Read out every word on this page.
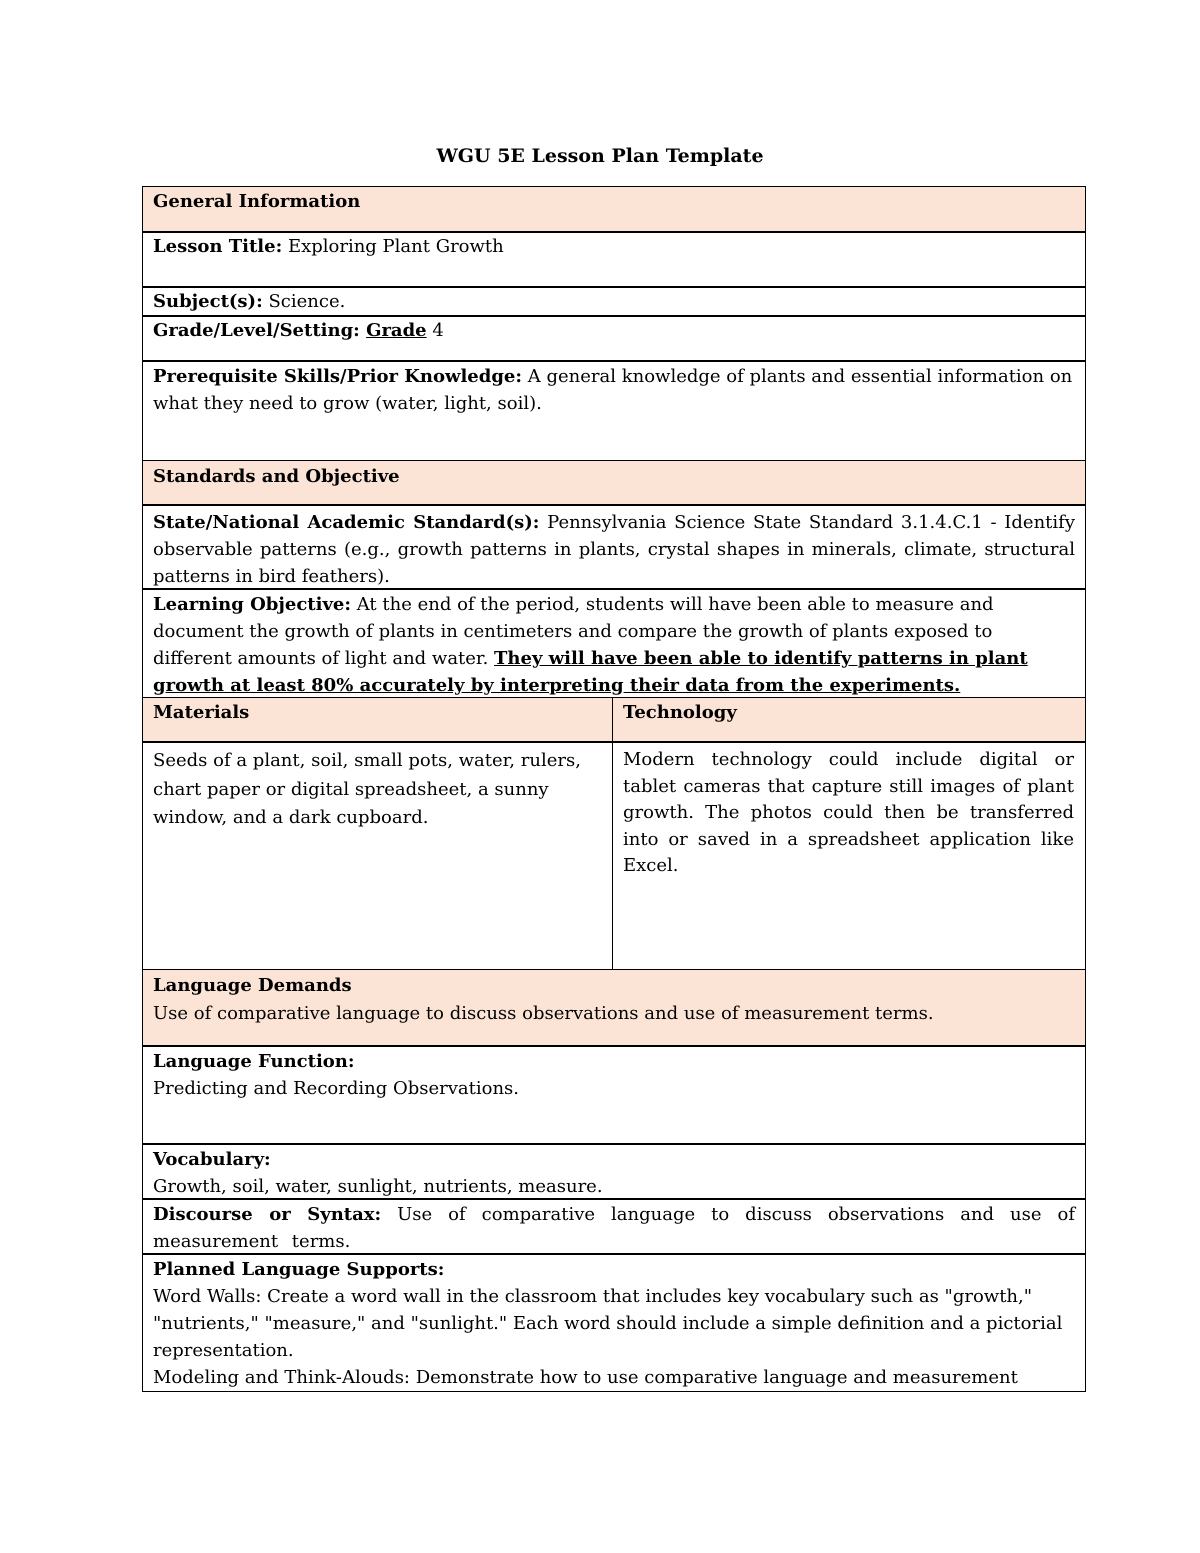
WGU 5E Lesson Plan Template
General Information
Lesson Title: Exploring Plant Growth
Subject(s): Science.
Grade/Level/Setting: Grade 4
Prerequisite Skills/Prior Knowledge: A general knowledge of plants and essential information on what they need to grow (water, light, soil).
Standards and Objective
State/National Academic Standard(s): Pennsylvania Science State Standard 3.1.4.C.1 - Identify observable patterns (e.g., growth patterns in plants, crystal shapes in minerals, climate, structural patterns in bird feathers).
Learning Objective: At the end of the period, students will have been able to measure and document the growth of plants in centimeters and compare the growth of plants exposed to different amounts of light and water. They will have been able to identify patterns in plant growth at least 80% accurately by interpreting their data from the experiments.
Materials	Technology
Seeds of a plant, soil, small pots, water, rulers, chart paper or digital spreadsheet, a sunny window, and a dark cupboard.
Modern technology could include digital or tablet cameras that capture still images of plant growth. The photos could then be transferred into or saved in a spreadsheet application like Excel.
Language Demands
Use of comparative language to discuss observations and use of measurement terms.
Language Function:
Predicting and Recording Observations.
Vocabulary:
Growth, soil, water, sunlight, nutrients, measure.
Discourse or Syntax: Use of comparative language to discuss observations and use of measurement terms.
Planned Language Supports:
Word Walls: Create a word wall in the classroom that includes key vocabulary such as "growth," "nutrients," "measure," and "sunlight." Each word should include a simple definition and a pictorial representation.
Modeling and Think-Alouds: Demonstrate how to use comparative language and measurement
